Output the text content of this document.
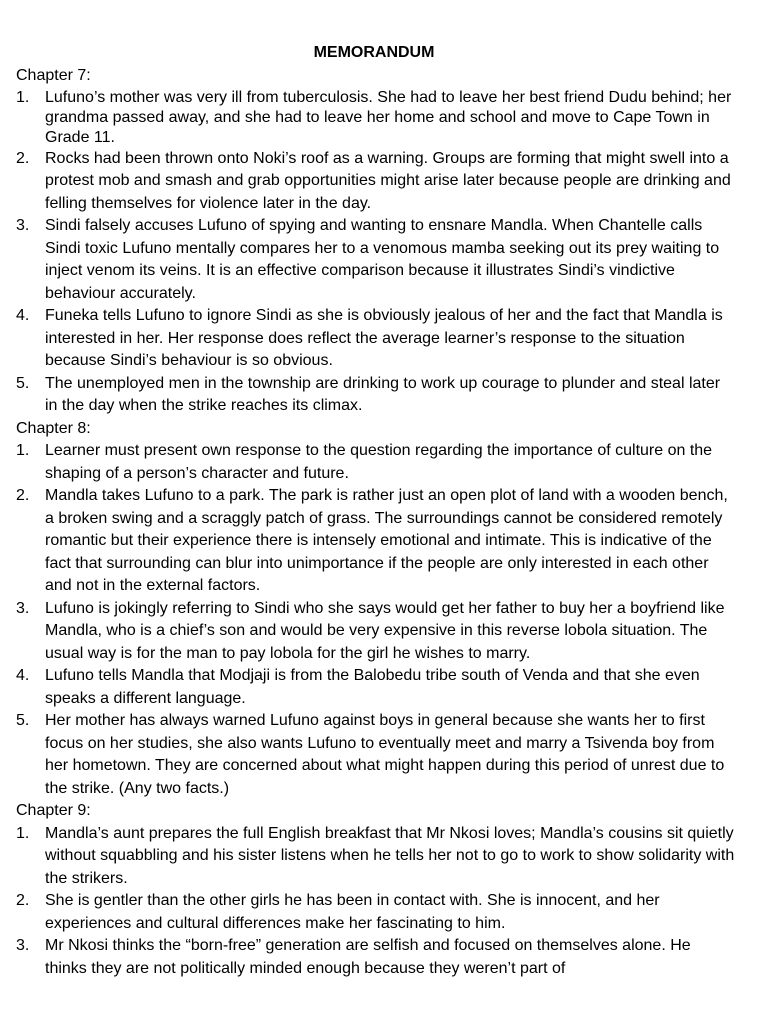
MEMORANDUM
Chapter 7:
1. Lufuno’s mother was very ill from tuberculosis. She had to leave her best friend Dudu behind; her grandma passed away, and she had to leave her home and school and move to Cape Town in Grade 11.
2. Rocks had been thrown onto Noki’s roof as a warning. Groups are forming that might swell into a protest mob and smash and grab opportunities might arise later because people are drinking and felling themselves for violence later in the day.
3. Sindi falsely accuses Lufuno of spying and wanting to ensnare Mandla. When Chantelle calls Sindi toxic Lufuno mentally compares her to a venomous mamba seeking out its prey waiting to inject venom its veins. It is an effective comparison because it illustrates Sindi’s vindictive behaviour accurately.
4. Funeka tells Lufuno to ignore Sindi as she is obviously jealous of her and the fact that Mandla is interested in her. Her response does reflect the average learner’s response to the situation because Sindi’s behaviour is so obvious.
5. The unemployed men in the township are drinking to work up courage to plunder and steal later in the day when the strike reaches its climax.
Chapter 8:
1. Learner must present own response to the question regarding the importance of culture on the shaping of a person’s character and future.
2. Mandla takes Lufuno to a park. The park is rather just an open plot of land with a wooden bench, a broken swing and a scraggly patch of grass. The surroundings cannot be considered remotely romantic but their experience there is intensely emotional and intimate. This is indicative of the fact that surrounding can blur into unimportance if the people are only interested in each other and not in the external factors.
3. Lufuno is jokingly referring to Sindi who she says would get her father to buy her a boyfriend like Mandla, who is a chief’s son and would be very expensive in this reverse lobola situation. The usual way is for the man to pay lobola for the girl he wishes to marry.
4. Lufuno tells Mandla that Modjaji is from the Balobedu tribe south of Venda and that she even speaks a different language.
5. Her mother has always warned Lufuno against boys in general because she wants her to first focus on her studies, she also wants Lufuno to eventually meet and marry a Tsivenda boy from her hometown. They are concerned about what might happen during this period of unrest due to the strike. (Any two facts.)
Chapter 9:
1. Mandla’s aunt prepares the full English breakfast that Mr Nkosi loves; Mandla’s cousins sit quietly without squabbling and his sister listens when he tells her not to go to work to show solidarity with the strikers.
2. She is gentler than the other girls he has been in contact with. She is innocent, and her experiences and cultural differences make her fascinating to him.
3. Mr Nkosi thinks the “born-free” generation are selfish and focused on themselves alone. He thinks they are not politically minded enough because they weren’t part of
